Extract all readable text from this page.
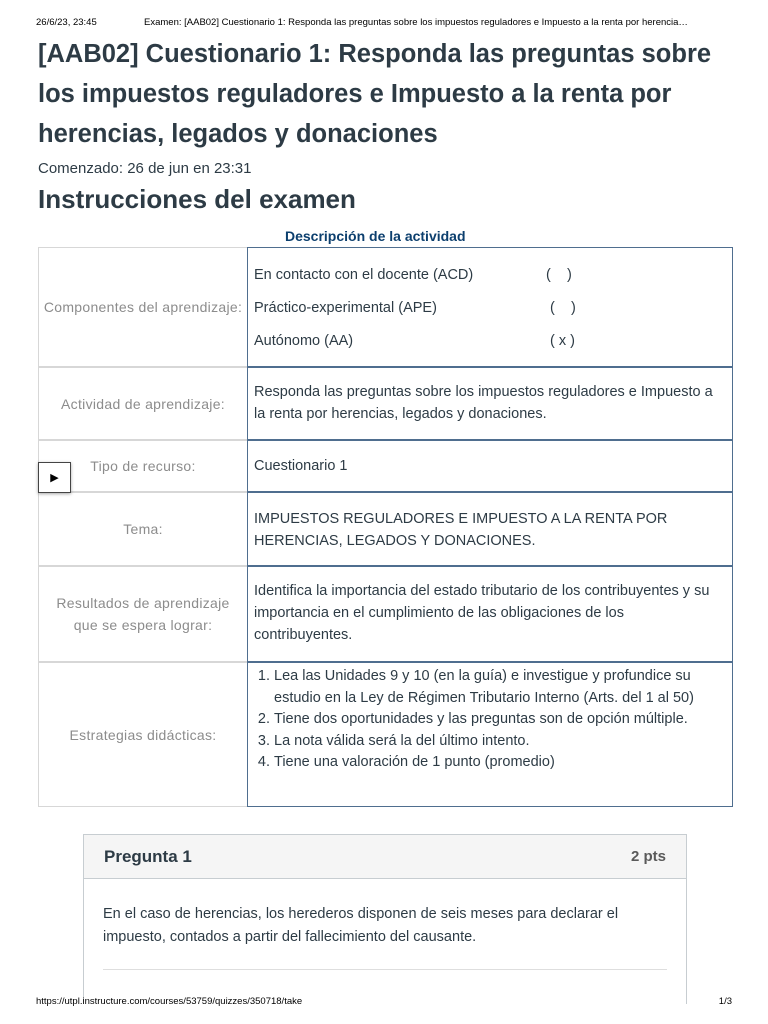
26/6/23, 23:45	Examen: [AAB02] Cuestionario 1: Responda las preguntas sobre los impuestos reguladores e Impuesto a la renta por herencia…
[AAB02] Cuestionario 1: Responda las preguntas sobre los impuestos reguladores e Impuesto a la renta por herencias, legados y donaciones
Comenzado: 26 de jun en 23:31
Instrucciones del examen
Descripción de la actividad
Componentes del aprendizaje:
En contacto con el docente (ACD)	(    )
Práctico-experimental (APE)	(    )
Autónomo (AA)	( x )
Actividad de aprendizaje:
Responda las preguntas sobre los impuestos reguladores e Impuesto a la renta por herencias, legados y donaciones.
Tipo de recurso:	Cuestionario 1
Tema:
IMPUESTOS REGULADORES E IMPUESTO A LA RENTA POR HERENCIAS, LEGADOS Y DONACIONES.
Resultados de aprendizaje que se espera lograr:
Identifica la importancia del estado tributario de los contribuyentes y su importancia en el cumplimiento de las obligaciones de los contribuyentes.
Estrategias didácticas:
1. Lea las Unidades 9 y 10 (en la guía) e investigue y profundice su estudio en la Ley de Régimen Tributario Interno (Arts. del 1 al 50)
2. Tiene dos oportunidades y las preguntas son de opción múltiple.
3. La nota válida será la del último intento.
4. Tiene una valoración de 1 punto (promedio)
▶
Pregunta 1	2 pts
En el caso de herencias, los herederos disponen de seis meses para declarar el impuesto, contados a partir del fallecimiento del causante.
https://utpl.instructure.com/courses/53759/quizzes/350718/take	1/3
